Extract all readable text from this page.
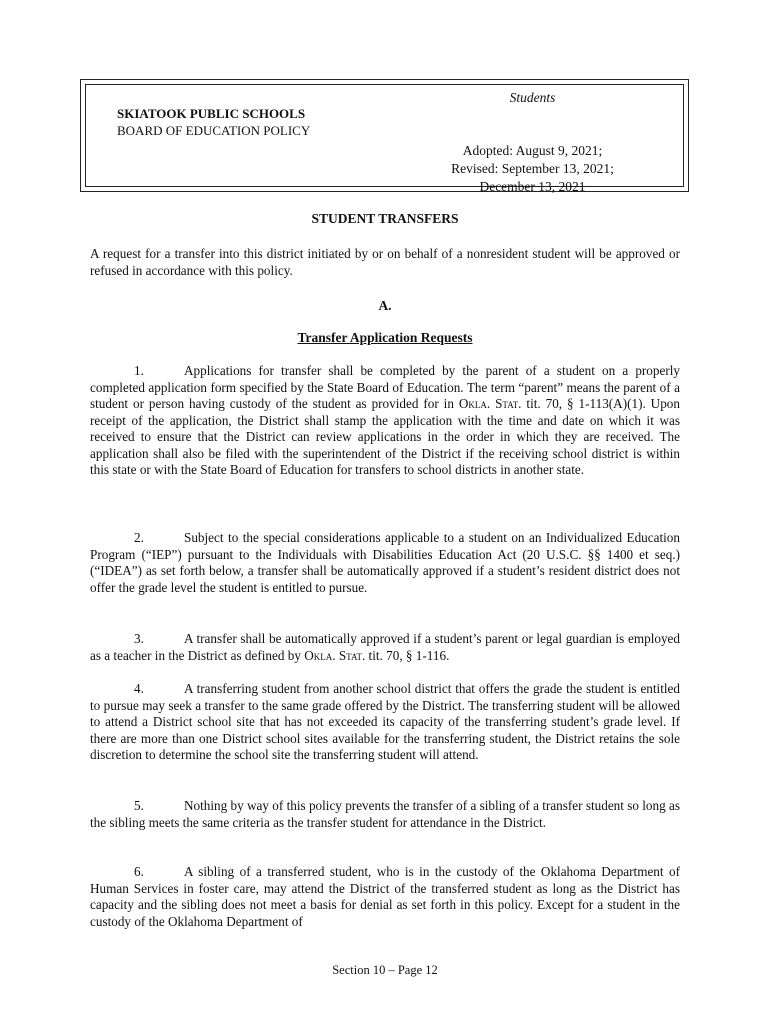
SKIATOOK PUBLIC SCHOOLS
BOARD OF EDUCATION POLICY
Students
Adopted: August 9, 2021;
Revised: September 13, 2021;
December 13, 2021
STUDENT TRANSFERS
A request for a transfer into this district initiated by or on behalf of a nonresident student will be approved or refused in accordance with this policy.
A.
Transfer Application Requests
1.	Applications for transfer shall be completed by the parent of a student on a properly completed application form specified by the State Board of Education. The term “parent” means the parent of a student or person having custody of the student as provided for in Okla. Stat. tit. 70, § 1-113(A)(1). Upon receipt of the application, the District shall stamp the application with the time and date on which it was received to ensure that the District can review applications in the order in which they are received. The application shall also be filed with the superintendent of the District if the receiving school district is within this state or with the State Board of Education for transfers to school districts in another state.
2.	Subject to the special considerations applicable to a student on an Individualized Education Program (“IEP”) pursuant to the Individuals with Disabilities Education Act (20 U.S.C. §§ 1400 et seq.) (“IDEA”) as set forth below, a transfer shall be automatically approved if a student’s resident district does not offer the grade level the student is entitled to pursue.
3.	A transfer shall be automatically approved if a student’s parent or legal guardian is employed as a teacher in the District as defined by Okla. Stat. tit. 70, § 1-116.
4.	A transferring student from another school district that offers the grade the student is entitled to pursue may seek a transfer to the same grade offered by the District. The transferring student will be allowed to attend a District school site that has not exceeded its capacity of the transferring student’s grade level. If there are more than one District school sites available for the transferring student, the District retains the sole discretion to determine the school site the transferring student will attend.
5.	Nothing by way of this policy prevents the transfer of a sibling of a transfer student so long as the sibling meets the same criteria as the transfer student for attendance in the District.
6.	A sibling of a transferred student, who is in the custody of the Oklahoma Department of Human Services in foster care, may attend the District of the transferred student as long as the District has capacity and the sibling does not meet a basis for denial as set forth in this policy. Except for a student in the custody of the Oklahoma Department of
Section 10 – Page 12
